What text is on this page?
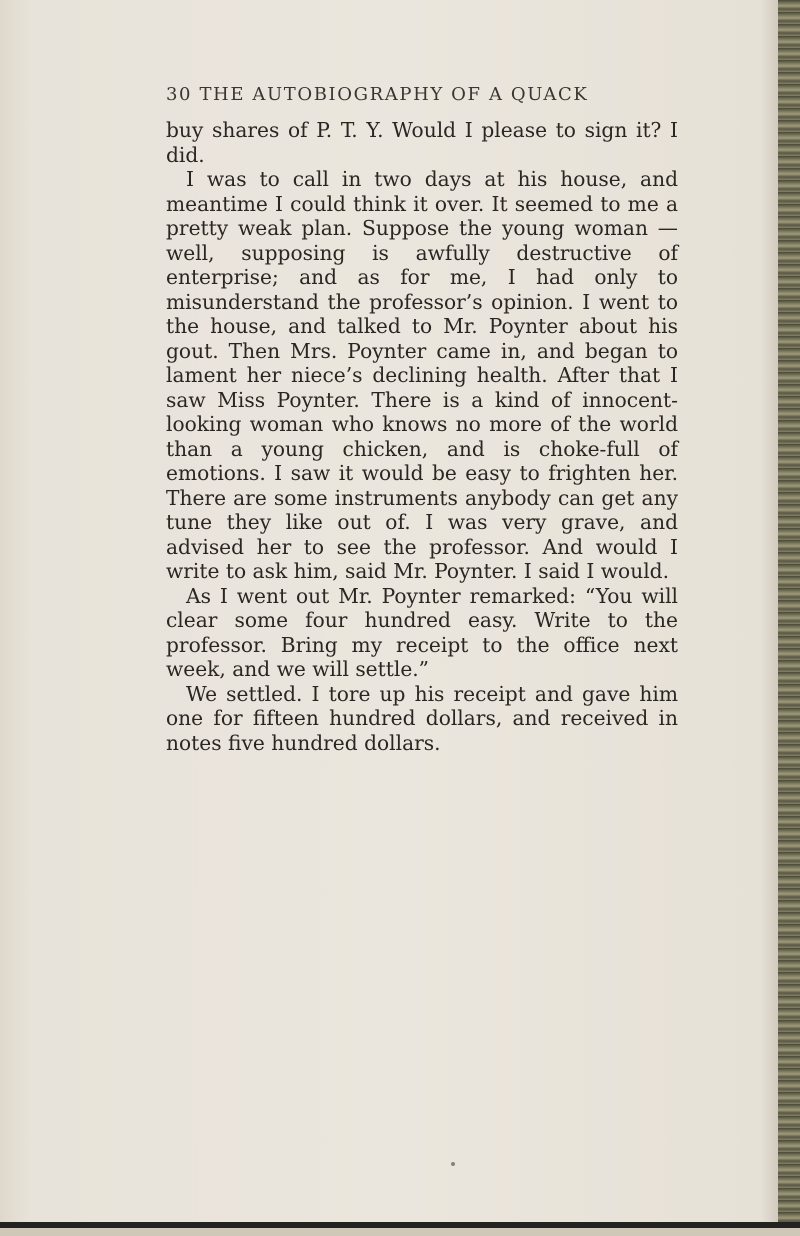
30 THE AUTOBIOGRAPHY OF A QUACK

buy shares of P. T. Y. Would I please to sign it? I did.

I was to call in two days at his house, and meantime I could think it over. It seemed to me a pretty weak plan. Suppose the young woman — well, supposing is awfully destructive of enterprise; and as for me, I had only to misunderstand the professor’s opinion. I went to the house, and talked to Mr. Poynter about his gout. Then Mrs. Poynter came in, and began to lament her niece’s declining health. After that I saw Miss Poynter. There is a kind of innocent-looking woman who knows no more of the world than a young chicken, and is choke-full of emotions. I saw it would be easy to frighten her. There are some instruments anybody can get any tune they like out of. I was very grave, and advised her to see the professor. And would I write to ask him, said Mr. Poynter. I said I would.

As I went out Mr. Poynter remarked: “You will clear some four hundred easy. Write to the professor. Bring my receipt to the office next week, and we will settle.”

We settled. I tore up his receipt and gave him one for fifteen hundred dollars, and received in notes five hundred dollars.
